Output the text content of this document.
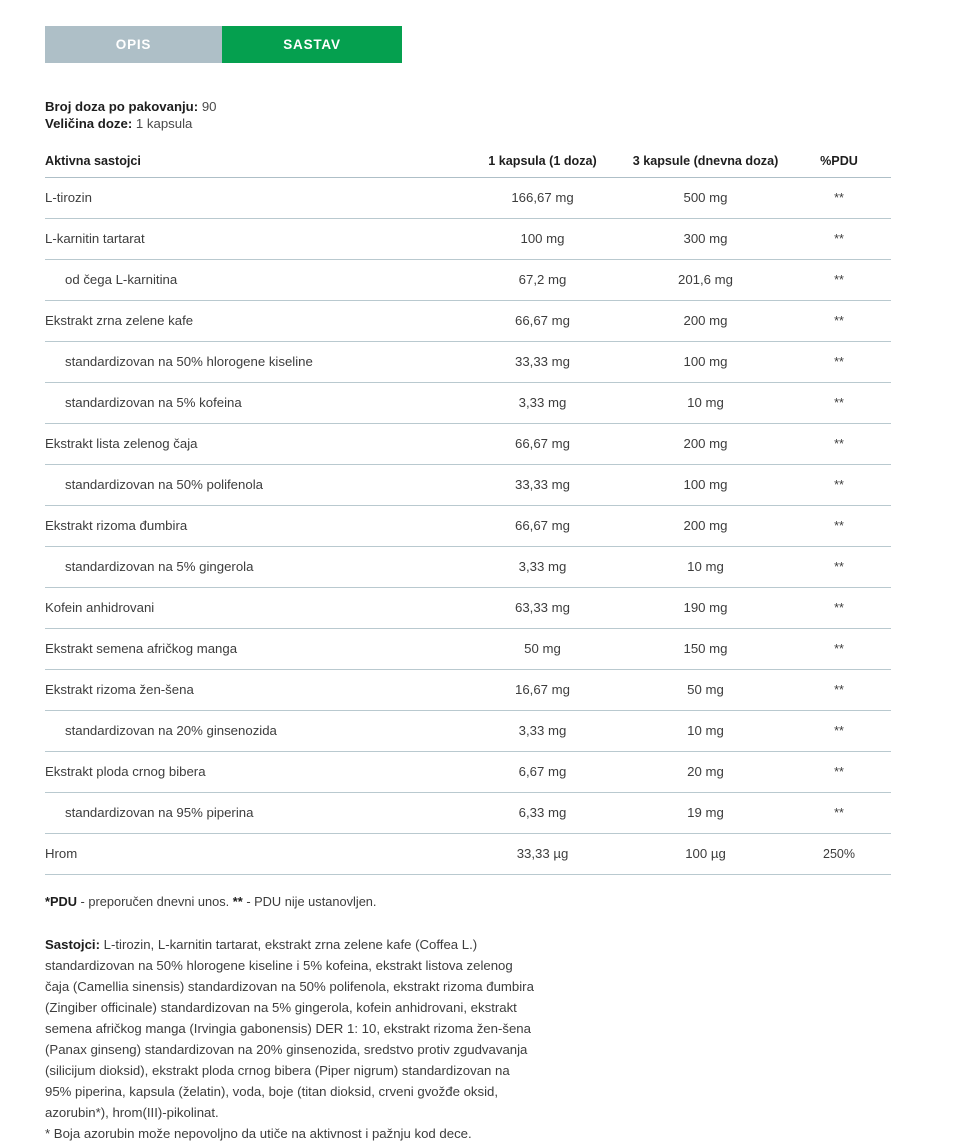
OPIS	SASTAV
Broj doza po pakovanju: 90
Veličina doze: 1 kapsula
Aktivna sastojci	1 kapsula (1 doza)	3 kapsule (dnevna doza)	%PDU
L-tirozin	166,67 mg	500 mg	**
L-karnitin tartarat	100 mg	300 mg	**
od čega L-karnitina	67,2 mg	201,6 mg	**
Ekstrakt zrna zelene kafe	66,67 mg	200 mg	**
standardizovan na 50% hlorogene kiseline	33,33 mg	100 mg	**
standardizovan na 5% kofeina	3,33 mg	10 mg	**
Ekstrakt lista zelenog čaja	66,67 mg	200 mg	**
standardizovan na 50% polifenola	33,33 mg	100 mg	**
Ekstrakt rizoma đumbira	66,67 mg	200 mg	**
standardizovan na 5% gingerola	3,33 mg	10 mg	**
Kofein anhidrovani	63,33 mg	190 mg	**
Ekstrakt semena afričkog manga	50 mg	150 mg	**
Ekstrakt rizoma žen-šena	16,67 mg	50 mg	**
standardizovan na 20% ginsenozida	3,33 mg	10 mg	**
Ekstrakt ploda crnog bibera	6,67 mg	20 mg	**
standardizovan na 95% piperina	6,33 mg	19 mg	**
Hrom	33,33 µg	100 µg	250%
*PDU - preporučen dnevni unos. ** - PDU nije ustanovljen.
Sastojci: L-tirozin, L-karnitin tartarat, ekstrakt zrna zelene kafe (Coffea L.) standardizovan na 50% hlorogene kiseline i 5% kofeina, ekstrakt listova zelenog čaja (Camellia sinensis) standardizovan na 50% polifenola, ekstrakt rizoma đumbira (Zingiber officinale) standardizovan na 5% gingerola, kofein anhidrovani, ekstrakt semena afričkog manga (Irvingia gabonensis) DER 1: 10, ekstrakt rizoma žen-šena (Panax ginseng) standardizovan na 20% ginsenozida, sredstvo protiv zgudvavanja (silicijum dioksid), ekstrakt ploda crnog bibera (Piper nigrum) standardizovan na 95% piperina, kapsula (želatin), voda, boje (titan dioksid, crveni gvožđe oksid, azorubin*), hrom(III)-pikolinat.
* Boja azorubin može nepovoljno da utiče na aktivnost i pažnju kod dece.
